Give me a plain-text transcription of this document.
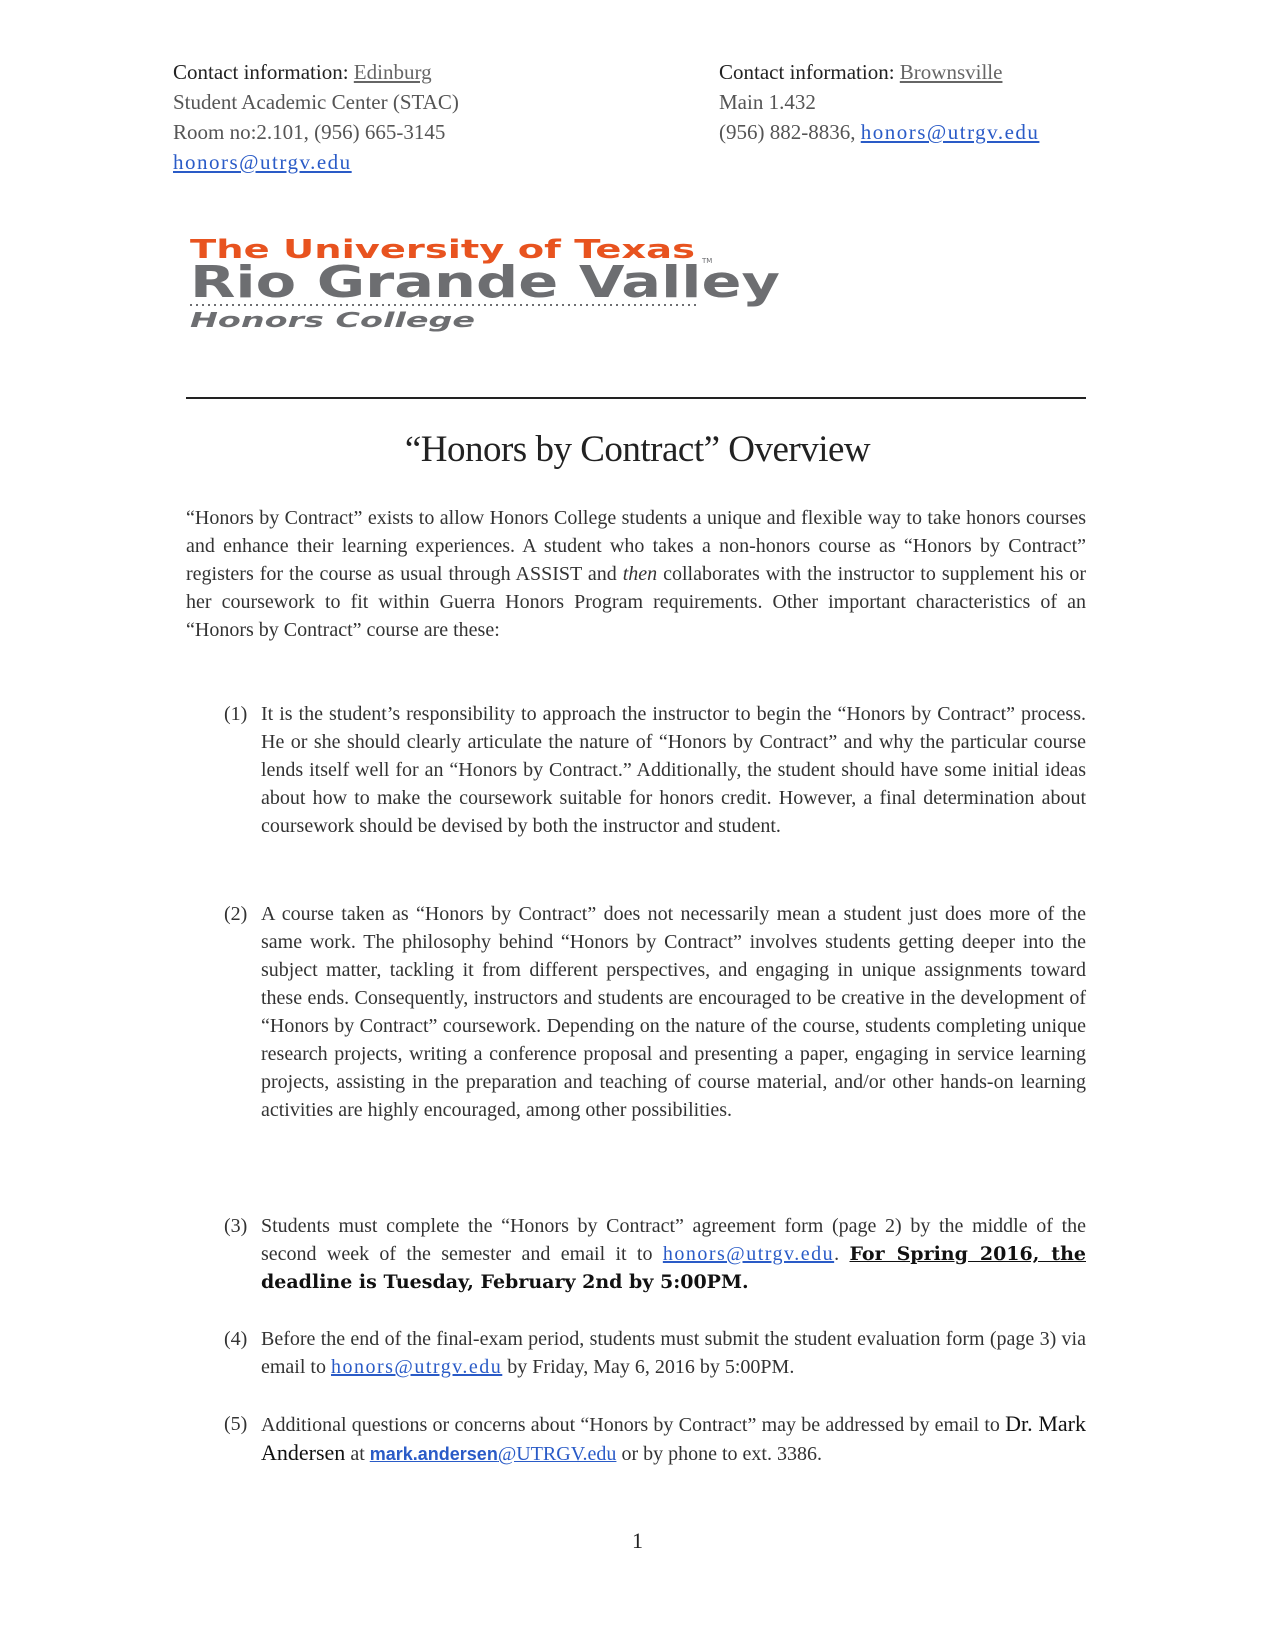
Contact information: Edinburg
Student Academic Center (STAC)
Room no:2.101, (956) 665-3145
honors@utrgv.edu
Contact information: Brownsville
Main 1.432
(956) 882-8836, honors@utrgv.edu
The University of Texas
Rio Grande Valley
TM
Honors College
“Honors by Contract” Overview

“Honors by Contract” exists to allow Honors College students a unique and flexible way to take honors courses and enhance their learning experiences. A student who takes a non-honors course as “Honors by Contract” registers for the course as usual through ASSIST and then collaborates with the instructor to supplement his or her coursework to fit within Guerra Honors Program requirements. Other important characteristics of an “Honors by Contract” course are these:

(1) It is the student’s responsibility to approach the instructor to begin the “Honors by Contract” process. He or she should clearly articulate the nature of “Honors by Contract” and why the particular course lends itself well for an “Honors by Contract.” Additionally, the student should have some initial ideas about how to make the coursework suitable for honors credit. However, a final determination about coursework should be devised by both the instructor and student.
(2) A course taken as “Honors by Contract” does not necessarily mean a student just does more of the same work. The philosophy behind “Honors by Contract” involves students getting deeper into the subject matter, tackling it from different perspectives, and engaging in unique assignments toward these ends. Consequently, instructors and students are encouraged to be creative in the development of “Honors by Contract” coursework. Depending on the nature of the course, students completing unique research projects, writing a conference proposal and presenting a paper, engaging in service learning projects, assisting in the preparation and teaching of course material, and/or other hands-on learning activities are highly encouraged, among other possibilities.
(3) Students must complete the “Honors by Contract” agreement form (page 2) by the middle of the second week of the semester and email it to honors@utrgv.edu. For Spring 2016, the deadline is Tuesday, February 2nd by 5:00PM.
(4) Before the end of the final-exam period, students must submit the student evaluation form (page 3) via email to honors@utrgv.edu by Friday, May 6, 2016 by 5:00PM.
(5) Additional questions or concerns about “Honors by Contract” may be addressed by email to Dr. Mark Andersen at mark.andersen@UTRGV.edu or by phone to ext. 3386.
1
